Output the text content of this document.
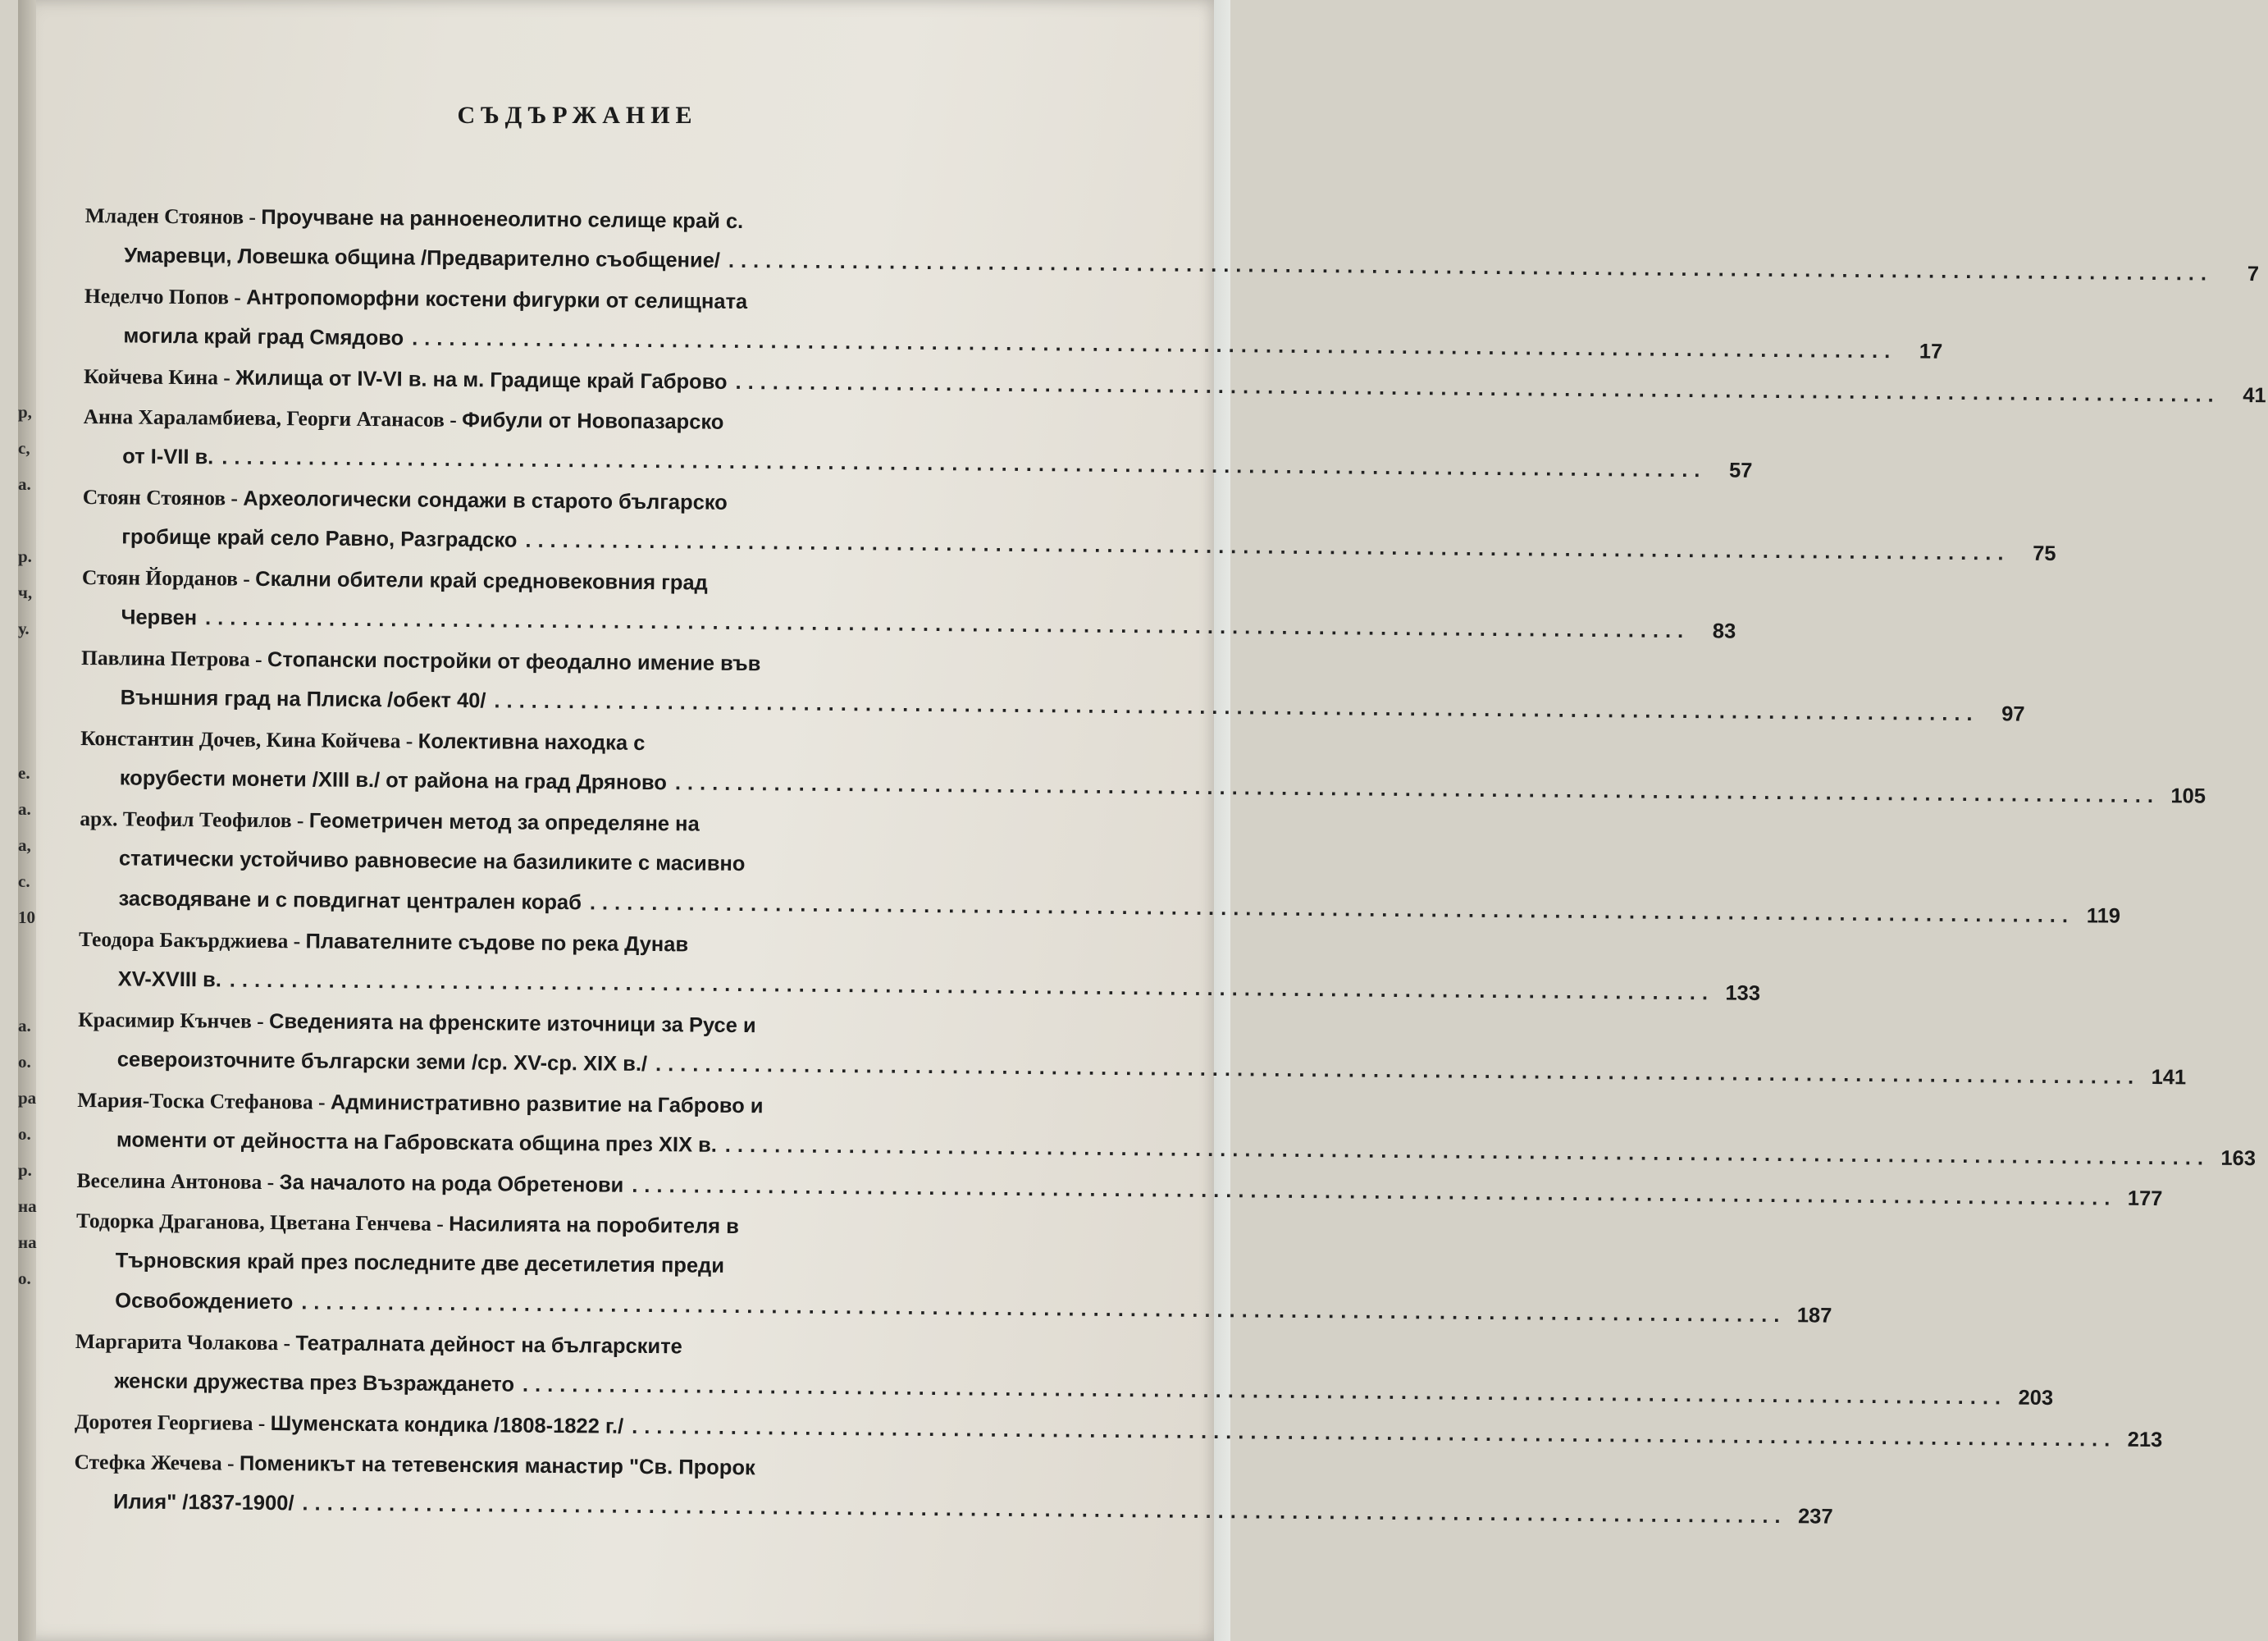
р,
с,
а.
р.
ч,
у.
е.
а.
а,
с.
10
а.
о.
ра
о.
р.
на
на
о.
СЪДЪРЖАНИЕ
Младен Стоянов - Проучване на ранноенеолитно селище край с.
Умаревци, Ловешка община /Предварително съобщение/ ........................................................................................................................	7
Неделчо Попов - Антропоморфни костени фигурки от селищната
могила край град Смядово ........................................................................................................................	17
Койчева Кина - Жилища от IV-VI в. на м. Градище край Габрово ........................................................................................................................	41
Анна Хараламбиева, Георги Атанасов - Фибули от Новопазарско
от I-VII в. ........................................................................................................................	57
Стоян Стоянов - Археологически сондажи в старото българско
гробище край село Равно, Разградско ........................................................................................................................	75
Стоян Йорданов - Скални обители край средновековния град
Червен ........................................................................................................................	83
Павлина Петрова - Стопански постройки от феодално имение във
Външния град на Плиска /обект 40/ ........................................................................................................................	97
Константин Дочев, Кина Койчева - Колективна находка с
корубести монети /XIII в./ от района на град Дряново ........................................................................................................................ 105
арх. Теофил Теофилов - Геометричен метод за определяне на
статически устойчиво равновесие на базиликите с масивно
засводяване и с повдигнат централен кораб ........................................................................................................................ 119
Теодора Бакърджиева - Плавателните съдове по река Дунав
XV-XVIII в. ........................................................................................................................ 133
Красимир Кънчев - Сведенията на френските източници за Русе и
североизточните български земи /ср. XV-ср. XIX в./ ........................................................................................................................ 141
Мария-Тоска Стефанова - Административно развитие на Габрово и
моменти от дейността на Габровската община през XIX в. ........................................................................................................................ 163
Веселина Антонова - За началото на рода Обретенови ........................................................................................................................ 177
Тодорка Драганова, Цветана Генчева - Насилията на поробителя в
Търновския край през последните две десетилетия преди
Освобождението ........................................................................................................................ 187
Маргарита Чолакова - Театралната дейност на българските
женски дружества през Възраждането ........................................................................................................................ 203
Доротея Георгиева - Шуменската кондика /1808-1822 г./ ........................................................................................................................ 213
Стефка Жечева - Поменикът на тетевенския манастир "Св. Пророк
Илия" /1837-1900/ ........................................................................................................................ 237
